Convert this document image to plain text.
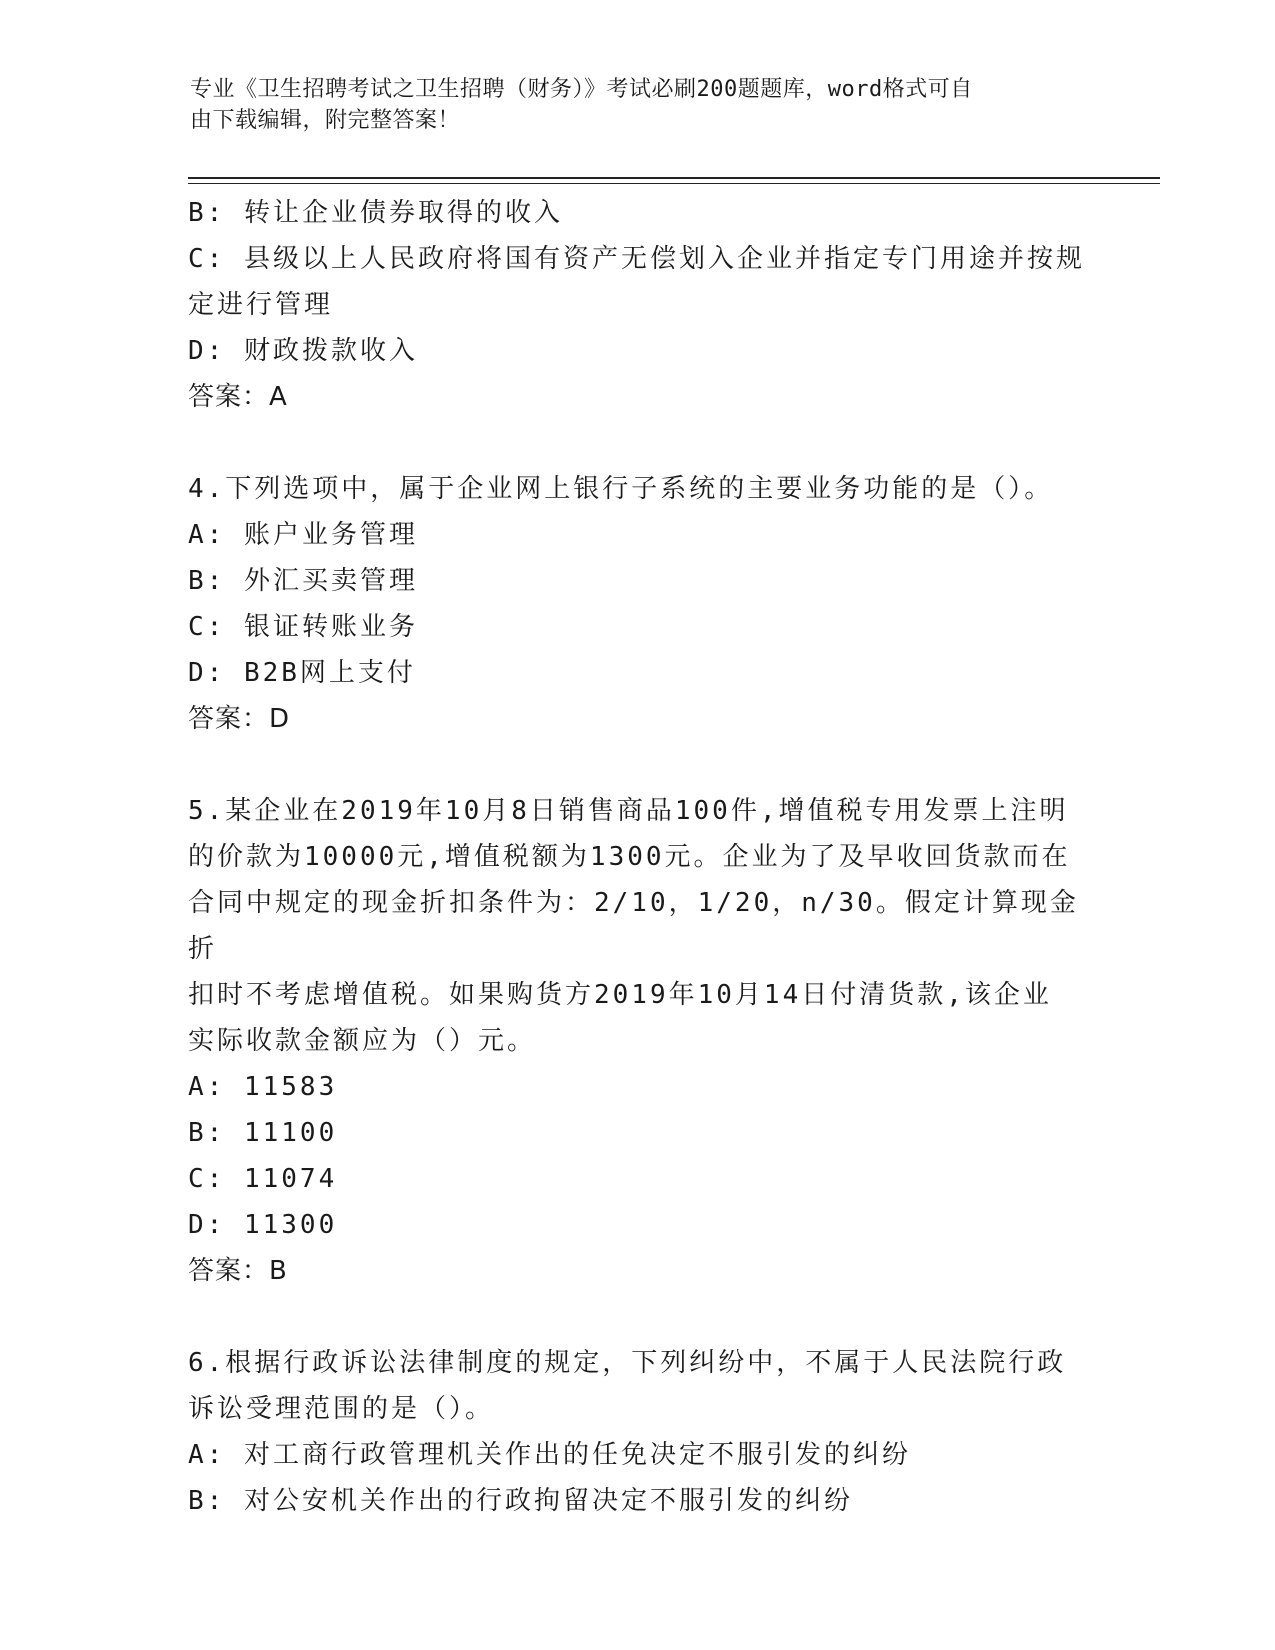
专业《卫生招聘考试之卫生招聘（财务）》考试必刷200题题库，word格式可自
由下载编辑，附完整答案！
B: 转让企业债券取得的收入
C: 县级以上人民政府将国有资产无偿划入企业并指定专门用途并按规
定进行管理
D: 财政拨款收入
答案：A
4.下列选项中，属于企业网上银行子系统的主要业务功能的是（）。
A: 账户业务管理
B: 外汇买卖管理
C: 银证转账业务
D: B2B网上支付
答案：D
5.某企业在2019年10月8日销售商品100件,增值税专用发票上注明
的价款为10000元,增值税额为1300元。企业为了及早收回货款而在
合同中规定的现金折扣条件为：2/10，1/20，n/30。假定计算现金折
扣时不考虑增值税。如果购货方2019年10月14日付清货款,该企业
实际收款金额应为（）元。
A: 11583
B: 11100
C: 11074
D: 11300
答案：B
6.根据行政诉讼法律制度的规定，下列纠纷中，不属于人民法院行政
诉讼受理范围的是（）。
A: 对工商行政管理机关作出的任免决定不服引发的纠纷
B: 对公安机关作出的行政拘留决定不服引发的纠纷
